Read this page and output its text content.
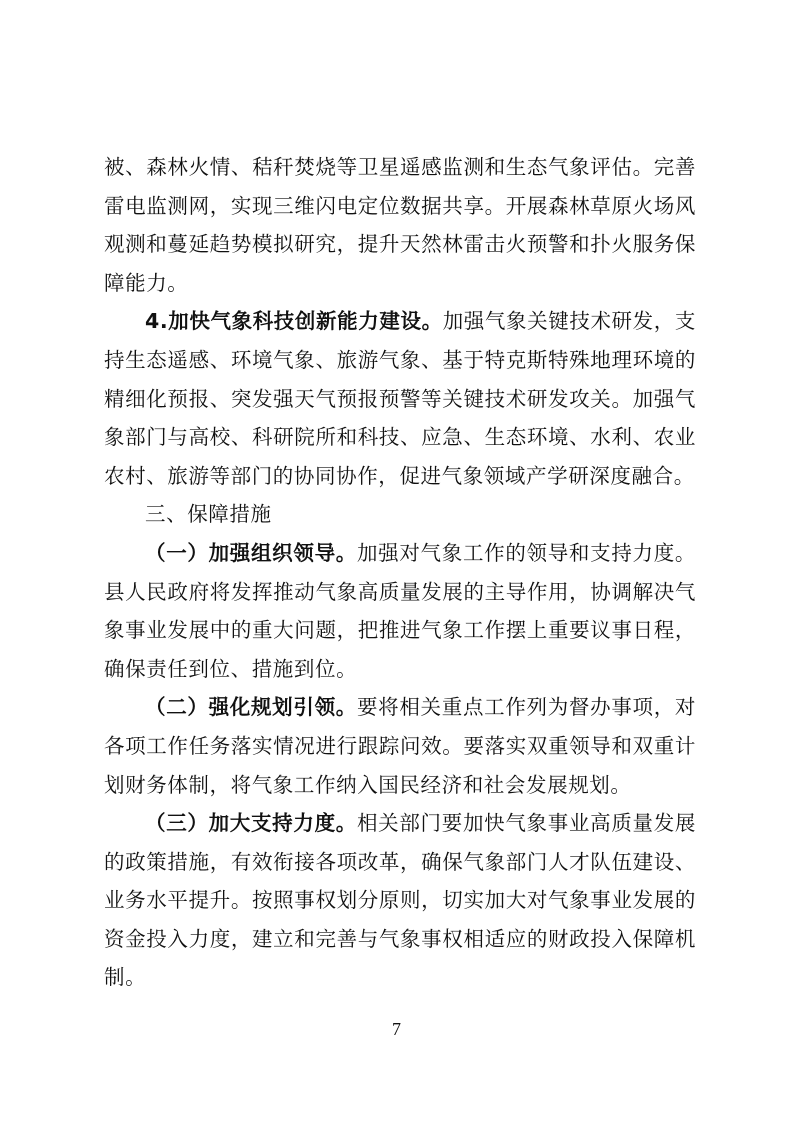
被、森林火情、秸秆焚烧等卫星遥感监测和生态气象评估。完善雷电监测网，实现三维闪电定位数据共享。开展森林草原火场风观测和蔓延趋势模拟研究，提升天然林雷击火预警和扑火服务保障能力。

4.加快气象科技创新能力建设。加强气象关键技术研发，支持生态遥感、环境气象、旅游气象、基于特克斯特殊地理环境的精细化预报、突发强天气预报预警等关键技术研发攻关。加强气象部门与高校、科研院所和科技、应急、生态环境、水利、农业农村、旅游等部门的协同协作，促进气象领域产学研深度融合。

三、保障措施

（一）加强组织领导。加强对气象工作的领导和支持力度。县人民政府将发挥推动气象高质量发展的主导作用，协调解决气象事业发展中的重大问题，把推进气象工作摆上重要议事日程，确保责任到位、措施到位。

（二）强化规划引领。要将相关重点工作列为督办事项，对各项工作任务落实情况进行跟踪问效。要落实双重领导和双重计划财务体制，将气象工作纳入国民经济和社会发展规划。

（三）加大支持力度。相关部门要加快气象事业高质量发展的政策措施，有效衔接各项改革，确保气象部门人才队伍建设、业务水平提升。按照事权划分原则，切实加大对气象事业发展的资金投入力度，建立和完善与气象事权相适应的财政投入保障机制。

7
